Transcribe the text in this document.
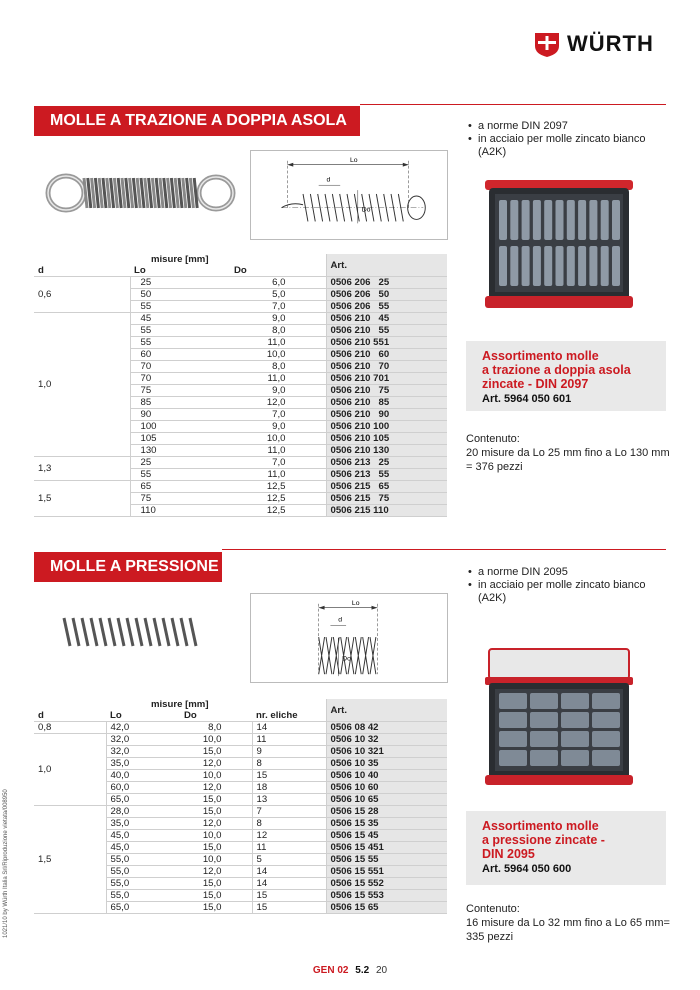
WÜRTH
MOLLE A TRAZIONE A DOPPIA ASOLA
Lo
d
Do
misure [mm]			Art.
d	Lo	Do	
0,6	25	6,0	0506 206   25
	50	5,0	0506 206   50
	55	7,0	0506 206   55
1,0	45	9,0	0506 210   45
	55	8,0	0506 210   55
	55	11,0	0506 210 551
	60	10,0	0506 210   60
	70	8,0	0506 210   70
	70	11,0	0506 210 701
	75	9,0	0506 210   75
	85	12,0	0506 210   85
	90	7,0	0506 210   90
	100	9,0	0506 210 100
	105	10,0	0506 210 105
	130	11,0	0506 210 130
1,3	25	7,0	0506 213   25
	55	11,0	0506 213   55
1,5	65	12,5	0506 215   65
	75	12,5	0506 215   75
	110	12,5	0506 215 110
• a norme DIN 2097
• in acciaio per molle zincato bianco (A2K)
Assortimento molle
a trazione a doppia asola
zincate - DIN 2097
Art. 5964 050 601
Contenuto:
20 misure da Lo 25 mm fino a Lo 130 mm
= 376 pezzi
MOLLE A PRESSIONE
Lo
d
Do
misure [mm]				Art.
d	Lo	Do	nr. eliche	
0,8	42,0	8,0	14	0506 08 42
1,0	32,0	10,0	11	0506 10 32
	32,0	15,0	9	0506 10 321
	35,0	12,0	8	0506 10 35
	40,0	10,0	15	0506 10 40
	60,0	12,0	18	0506 10 60
	65,0	15,0	13	0506 10 65
1,5	28,0	15,0	7	0506 15 28
	35,0	12,0	8	0506 15 35
	45,0	10,0	12	0506 15 45
	45,0	15,0	11	0506 15 451
	55,0	10,0	5	0506 15 55
	55,0	12,0	14	0506 15 551
	55,0	15,0	14	0506 15 552
	55,0	15,0	15	0506 15 553
	65,0	15,0	15	0506 15 65
• a norme DIN 2095
• in acciaio per molle zincato bianco (A2K)
Assortimento molle
a pressione zincate -
DIN 2095
Art. 5964 050 600
Contenuto:
16 misure da Lo 32 mm fino a Lo 65 mm=
335 pezzi
1021/10 by Würth Italia Srl/Riproduzione vietata/008950
GEN 02 5.2 20
